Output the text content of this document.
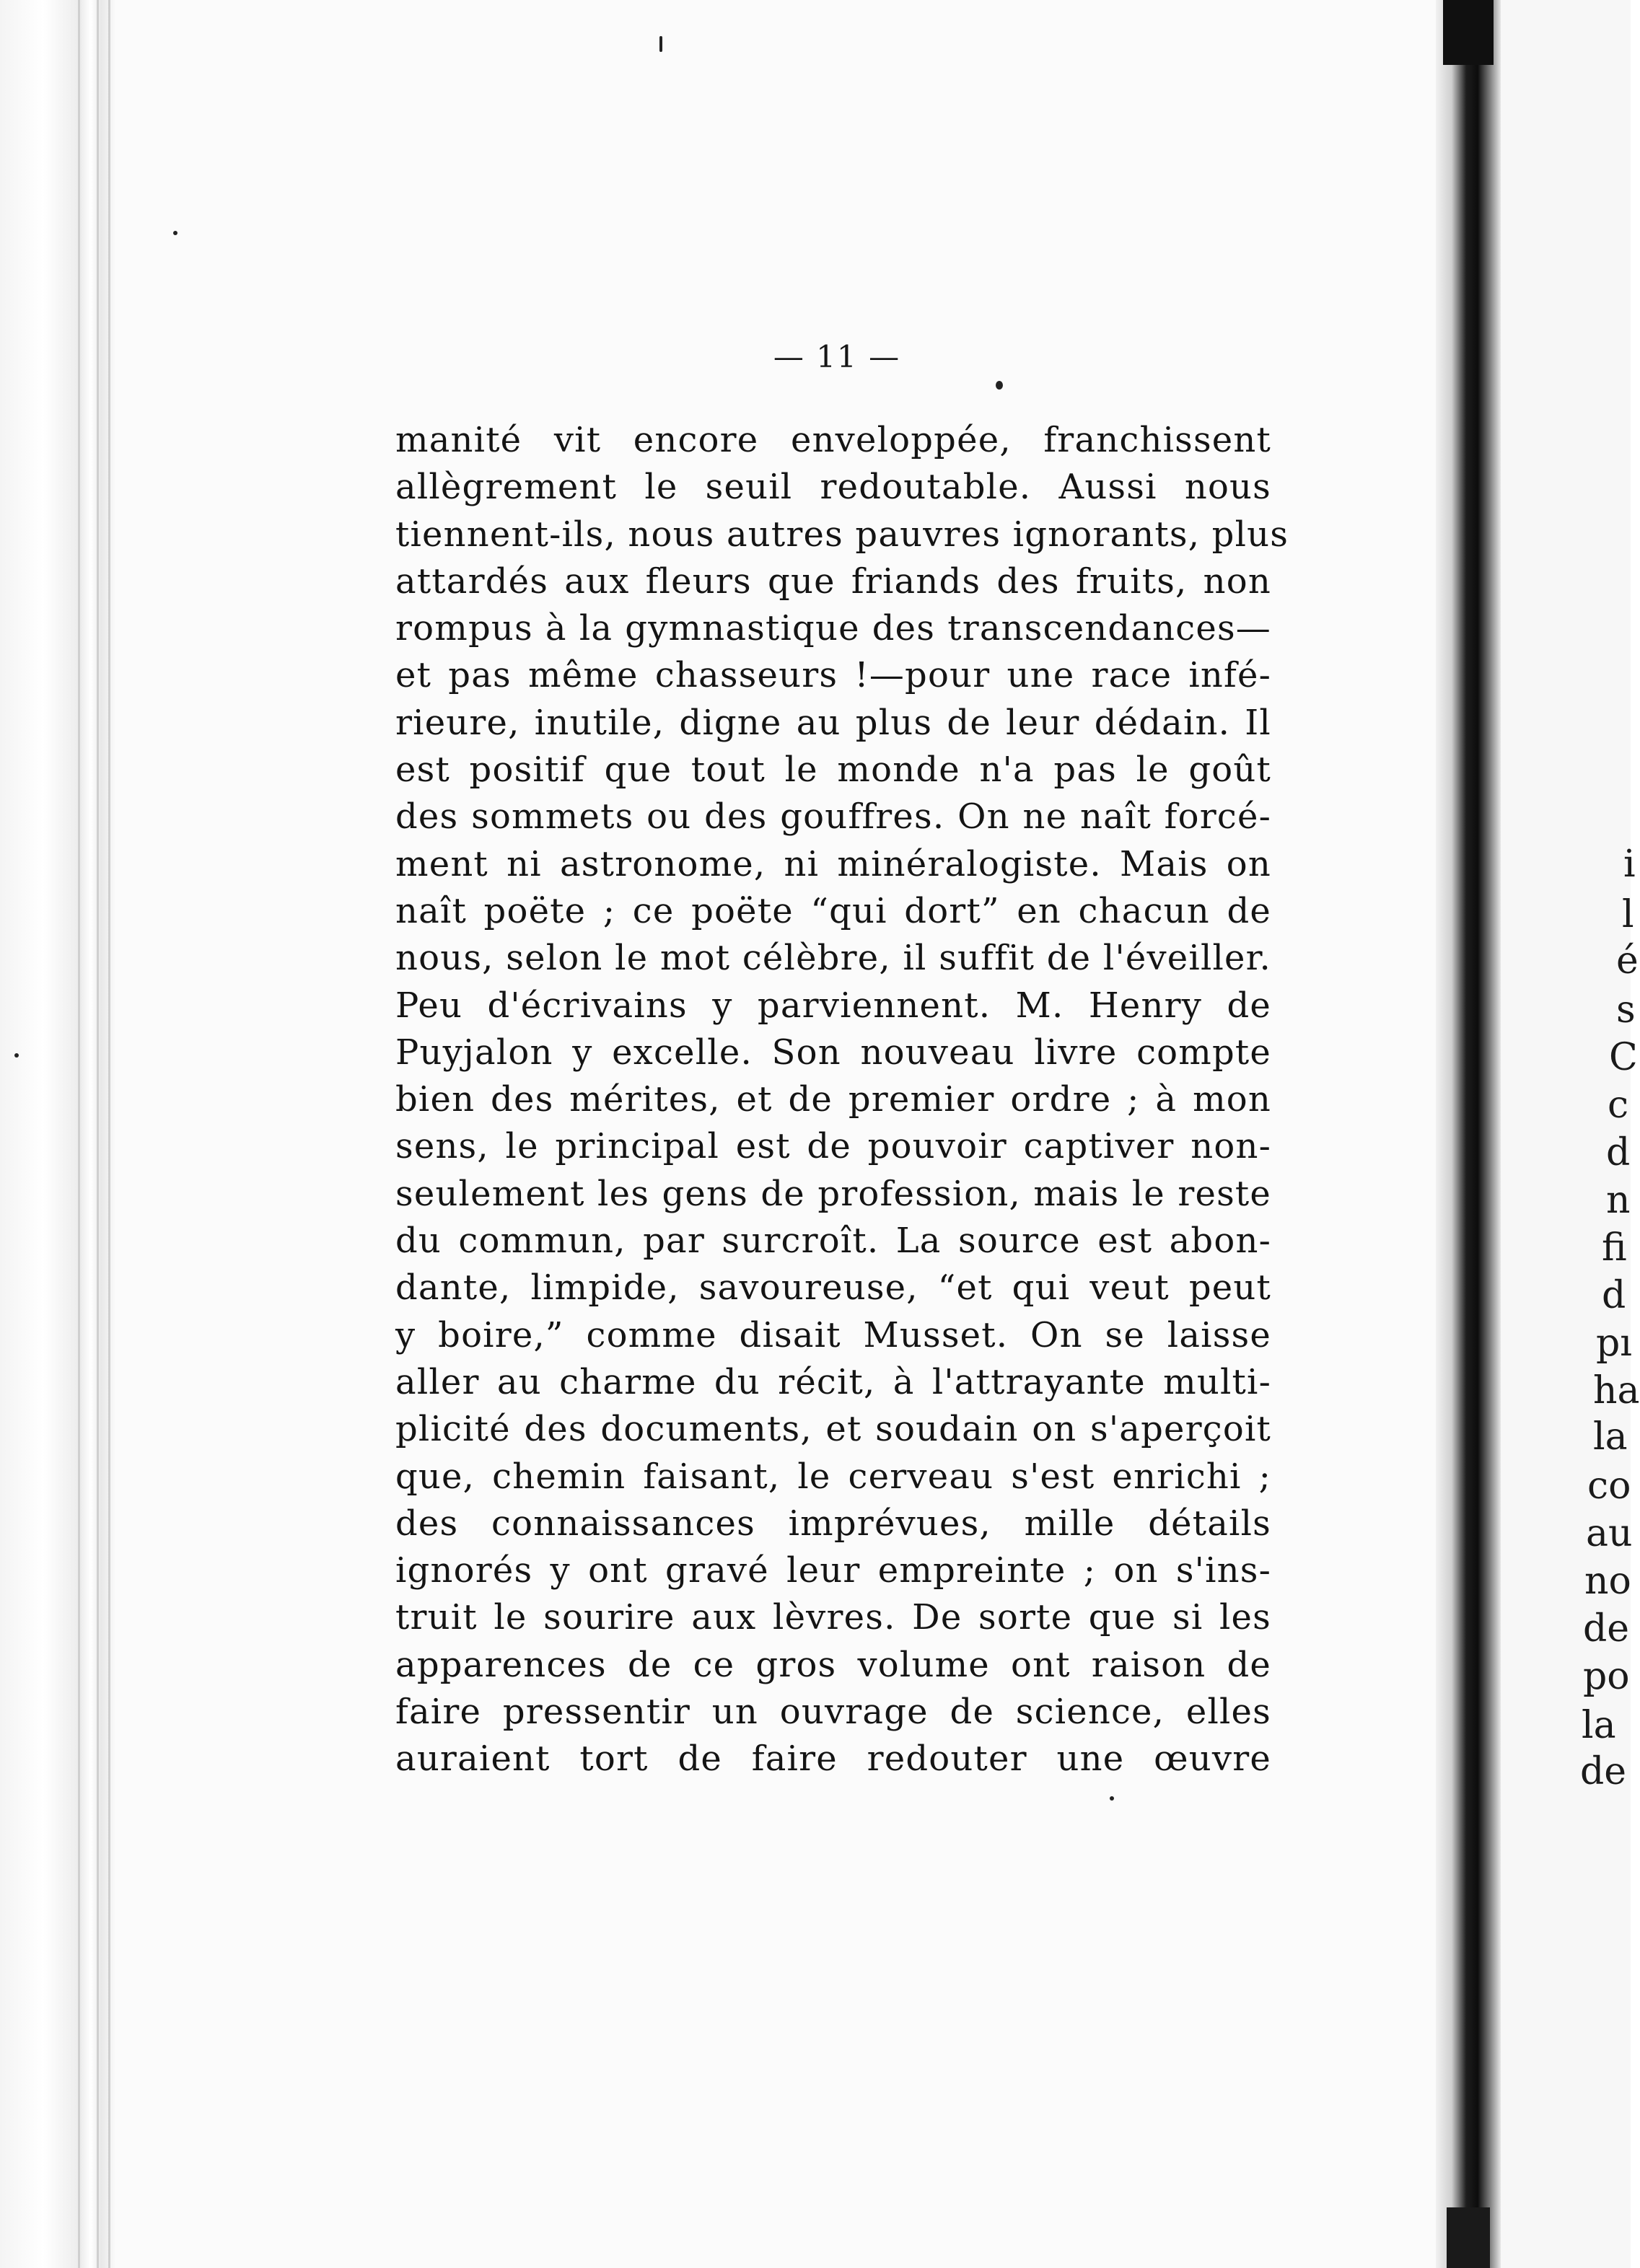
— 11 —
manité vit encore enveloppée, franchissent
allègrement le seuil redoutable. Aussi nous
tiennent-ils, nous autres pauvres ignorants, plus
attardés aux fleurs que friands des fruits, non
rompus à la gymnastique des transcendances—
et pas même chasseurs !—pour une race infé-
rieure, inutile, digne au plus de leur dédain. Il
est positif que tout le monde n'a pas le goût
des sommets ou des gouffres. On ne naît forcé-
ment ni astronome, ni minéralogiste. Mais on
naît poëte ; ce poëte “qui dort” en chacun de
nous, selon le mot célèbre, il suffit de l'éveiller.
Peu d'écrivains y parviennent. M. Henry de
Puyjalon y excelle. Son nouveau livre compte
bien des mérites, et de premier ordre ; à mon
sens, le principal est de pouvoir captiver non-
seulement les gens de profession, mais le reste
du commun, par surcroît. La source est abon-
dante, limpide, savoureuse, “et qui veut peut
y boire,” comme disait Musset. On se laisse
aller au charme du récit, à l'attrayante multi-
plicité des documents, et soudain on s'aperçoit
que, chemin faisant, le cerveau s'est enrichi ;
des connaissances imprévues, mille détails
ignorés y ont gravé leur empreinte ; on s'ins-
truit le sourire aux lèvres. De sorte que si les
apparences de ce gros volume ont raison de
faire pressentir un ouvrage de science, elles
auraient tort de faire redouter une œuvre
i
l
é
s
C
c
d
n
fi
d
pı
ha
la
co
au
no
de
po
la
de
